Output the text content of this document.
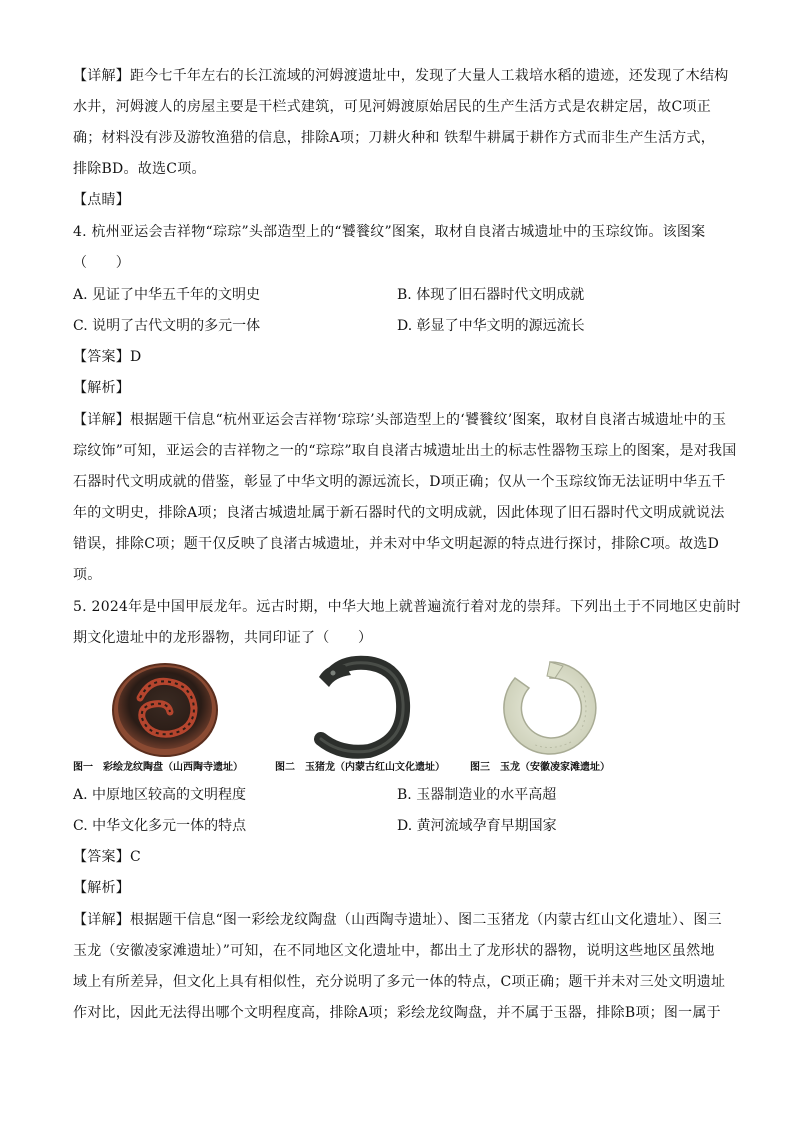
【详解】距今七千年左右的长江流域的河姆渡遗址中，发现了大量人工栽培水稻的遗迹，还发现了木结构
水井，河姆渡人的房屋主要是干栏式建筑，可见河姆渡原始居民的生产生活方式是农耕定居，故C项正
确；材料没有涉及游牧渔猎的信息，排除A项；刀耕火种和 铁犁牛耕属于耕作方式而非生产生活方式，
排除BD。故选C项。
【点睛】
4. 杭州亚运会吉祥物“琮琮”头部造型上的“饕餮纹”图案，取材自良渚古城遗址中的玉琮纹饰。该图案
（　　）
A. 见证了中华五千年的文明史	B. 体现了旧石器时代文明成就
C. 说明了古代文明的多元一体	D. 彰显了中华文明的源远流长
【答案】D
【解析】
【详解】根据题干信息“杭州亚运会吉祥物‘琮琮’头部造型上的‘饕餮纹’图案，取材自良渚古城遗址中的玉
琮纹饰”可知，亚运会的吉祥物之一的“琮琮”取自良渚古城遗址出土的标志性器物玉琮上的图案，是对我国
石器时代文明成就的借鉴，彰显了中华文明的源远流长，D项正确；仅从一个玉琮纹饰无法证明中华五千
年的文明史，排除A项；良渚古城遗址属于新石器时代的文明成就，因此体现了旧石器时代文明成就说法
错误，排除C项；题干仅反映了良渚古城遗址，并未对中华文明起源的特点进行探讨，排除C项。故选D
项。
5. 2024年是中国甲辰龙年。远古时期，中华大地上就普遍流行着对龙的崇拜。下列出土于不同地区史前时
期文化遗址中的龙形器物，共同印证了（　　）
图一　彩绘龙纹陶盘（山西陶寺遗址）	图二　玉猪龙（内蒙古红山文化遗址）	图三　玉龙（安徽凌家滩遗址）
A. 中原地区较高的文明程度	B. 玉器制造业的水平高超
C. 中华文化多元一体的特点	D. 黄河流域孕育早期国家
【答案】C
【解析】
【详解】根据题干信息“图一彩绘龙纹陶盘（山西陶寺遗址）、图二玉猪龙（内蒙古红山文化遗址）、图三
玉龙（安徽凌家滩遗址）”可知，在不同地区文化遗址中，都出土了龙形状的器物，说明这些地区虽然地
域上有所差异，但文化上具有相似性，充分说明了多元一体的特点，C项正确；题干并未对三处文明遗址
作对比，因此无法得出哪个文明程度高，排除A项；彩绘龙纹陶盘，并不属于玉器，排除B项；图一属于
